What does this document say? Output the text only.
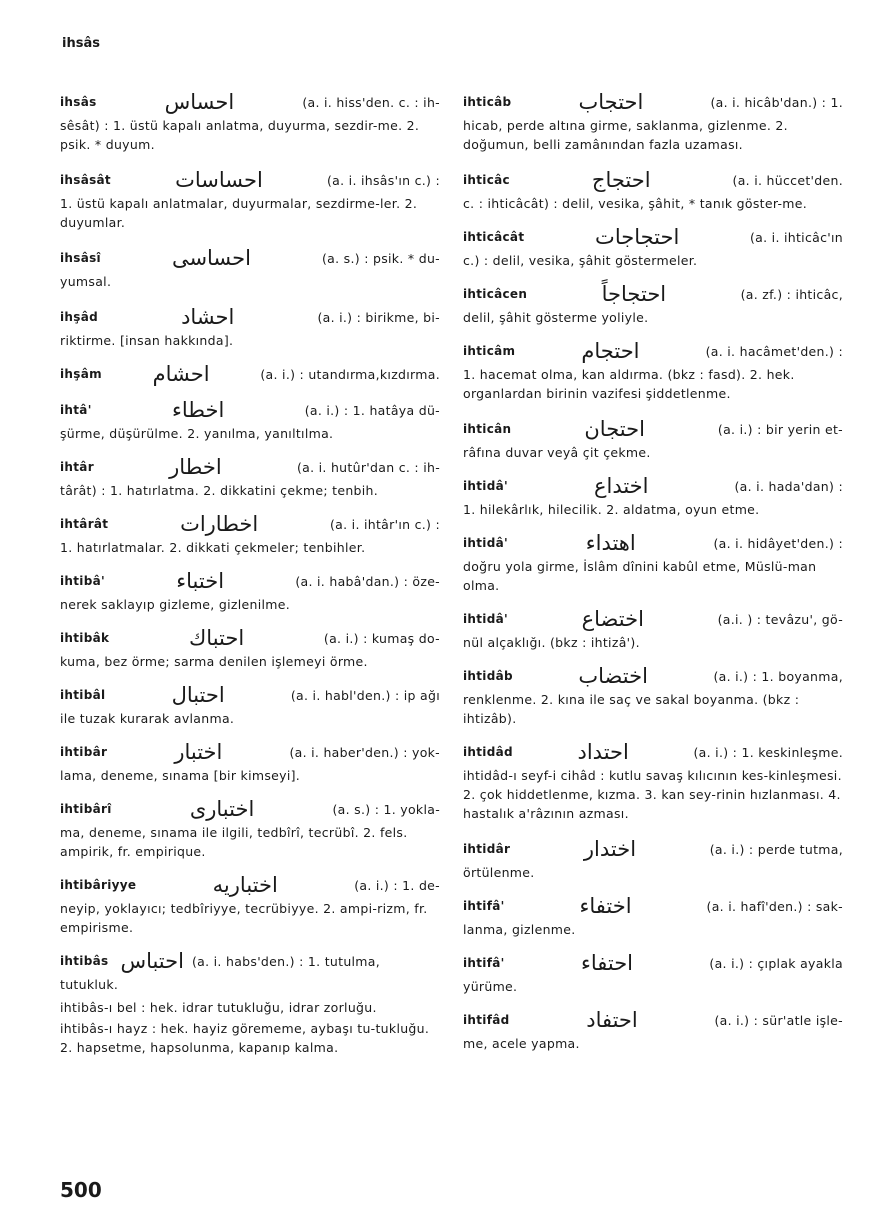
ihsâs
ihsâs	احساس	(a. i. hiss'den. c. : ih-
sêsât) : 1. üstü kapalı anlatma, duyurma, sezdir-me. 2. psik. * duyum.
ihsâsât	احساسات	(a. i. ihsâs'ın c.) :
1. üstü kapalı anlatmalar, duyurmalar, sezdirme-ler. 2. duyumlar.
ihsâsî	احساسى	(a. s.) : psik. * du-
yumsal.
ihşâd	احشاد	(a. i.) : birikme, bi-
riktirme. [insan hakkında].
ihşâm	احشام	(a. i.) : utandırma,kızdırma.
ihtâ'	اخطاء	(a. i.) : 1. hatâya dü-
şürme, düşürülme. 2. yanılma, yanıltılma.
ihtâr	اخطار	(a. i. hutûr'dan c. : ih-
târât) : 1. hatırlatma. 2. dikkatini çekme; tenbih.
ihtârât	اخطارات	(a. i. ihtâr'ın c.) :
1. hatırlatmalar. 2. dikkati çekmeler; tenbihler.
ihtibâ'	اختباء	(a. i. habâ'dan.) : öze-
nerek saklayıp gizleme, gizlenilme.
ihtibâk	احتباك	(a. i.) : kumaş do-
kuma, bez örme; sarma denilen işlemeyi örme.
ihtibâl	احتبال	(a. i. habl'den.) : ip ağı
ile tuzak kurarak avlanma.
ihtibâr	اختبار	(a. i. haber'den.) : yok-
lama, deneme, sınama [bir kimseyi].
ihtibârî	اختبارى	(a. s.) : 1. yokla-
ma, deneme, sınama ile ilgili, tedbîrî, tecrübî. 2. fels. ampirik, fr. empirique.
ihtibâriyye	اختباريه	(a. i.) : 1. de-
neyip, yoklayıcı; tedbîriyye, tecrübiyye. 2. ampi-rizm, fr. empirisme.
ihtibâs احتباس (a. i. habs'den.) : 1. tutulma,
tutukluk.
ihtibâs-ı bel : hek. idrar tutukluğu, idrar zorluğu.
ihtibâs-ı hayz : hek. hayiz görememe, aybaşı tu-tukluğu. 2. hapsetme, hapsolunma, kapanıp kalma.
ihticâb	احتجاب	(a. i. hicâb'dan.) : 1.
hicab, perde altına girme, saklanma, gizlenme. 2. doğumun, belli zamânından fazla uzaması.
ihticâc	احتجاج	(a. i. hüccet'den.
c. : ihticâcât) : delil, vesika, şâhit, * tanık göster-me.
ihticâcât	احتجاجات	(a. i. ihticâc'ın
c.) : delil, vesika, şâhit göstermeler.
ihticâcen	احتجاجاً	(a. zf.) : ihticâc,
delil, şâhit gösterme yoliyle.
ihticâm	احتجام	(a. i. hacâmet'den.) :
1. hacemat olma, kan aldırma. (bkz : fasd). 2. hek. organlardan birinin vazifesi şiddetlenme.
ihticân	احتجان	(a. i.) : bir yerin et-
râfına duvar veyâ çit çekme.
ihtidâ'	اختداع	(a. i. hada'dan) :
1. hilekârlık, hilecilik. 2. aldatma, oyun etme.
ihtidâ'	اهتداء	(a. i. hidâyet'den.) :
doğru yola girme, İslâm dînini kabûl etme, Müslü-man olma.
ihtidâ'	اختضاع	(a.i. ) : tevâzu', gö-
nül alçaklığı. (bkz : ihtizâ').
ihtidâb	اختضاب	(a. i.) : 1. boyanma,
renklenme. 2. kına ile saç ve sakal boyanma. (bkz : ihtizâb).
ihtidâd	احتداد	(a. i.) : 1. keskinleşme.
ihtidâd-ı seyf-i cihâd : kutlu savaş kılıcının kes-kinleşmesi. 2. çok hiddetlenme, kızma. 3. kan sey-rinin hızlanması. 4. hastalık a'râzının azması.
ihtidâr	اختدار	(a. i.) : perde tutma,
örtülenme.
ihtifâ'	اختفاء	(a. i. hafî'den.) : sak-
lanma, gizlenme.
ihtifâ'	احتفاء	(a. i.) : çıplak ayakla
yürüme.
ihtifâd	احتفاد	(a. i.) : sür'atle işle-
me, acele yapma.
500
